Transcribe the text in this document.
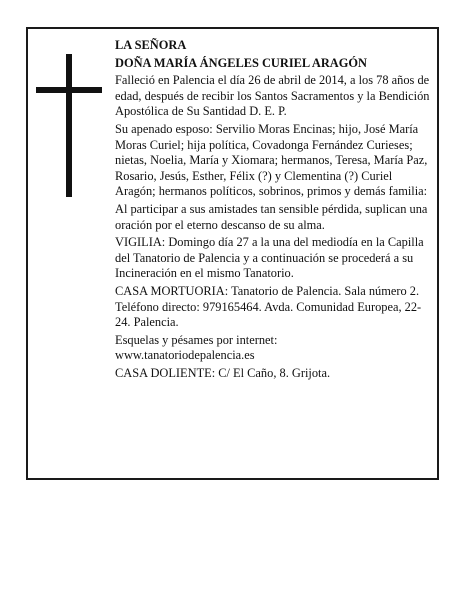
LA SEÑORA

DOÑA MARÍA ÁNGELES CURIEL ARAGÓN

Falleció en Palencia el día 26 de abril de 2014, a los 78 años de edad, después de recibir los Santos Sacramentos y la Bendición Apostólica de Su Santidad D. E. P.

Su apenado esposo: Servilio Moras Encinas; hijo, José María Moras Curiel; hija política, Covadonga Fernández Curieses; nietas, Noelia, María y Xiomara; hermanos, Teresa, María Paz, Rosario, Jesús, Esther, Félix (?) y Clementina (?) Curiel Aragón; hermanos políticos, sobrinos, primos y demás familia:

Al participar a sus amistades tan sensible pérdida, suplican una oración por el eterno descanso de su alma.

VIGILIA: Domingo día 27 a la una del mediodía en la Capilla del Tanatorio de Palencia y a continuación se procederá a su Incineración en el mismo Tanatorio.

CASA MORTUORIA: Tanatorio de Palencia. Sala número 2. Teléfono directo: 979165464. Avda. Comunidad Europea, 22-24. Palencia.

Esquelas y pésames por internet:

www.tanatoriodepalencia.es

CASA DOLIENTE: C/ El Caño, 8. Grijota.
